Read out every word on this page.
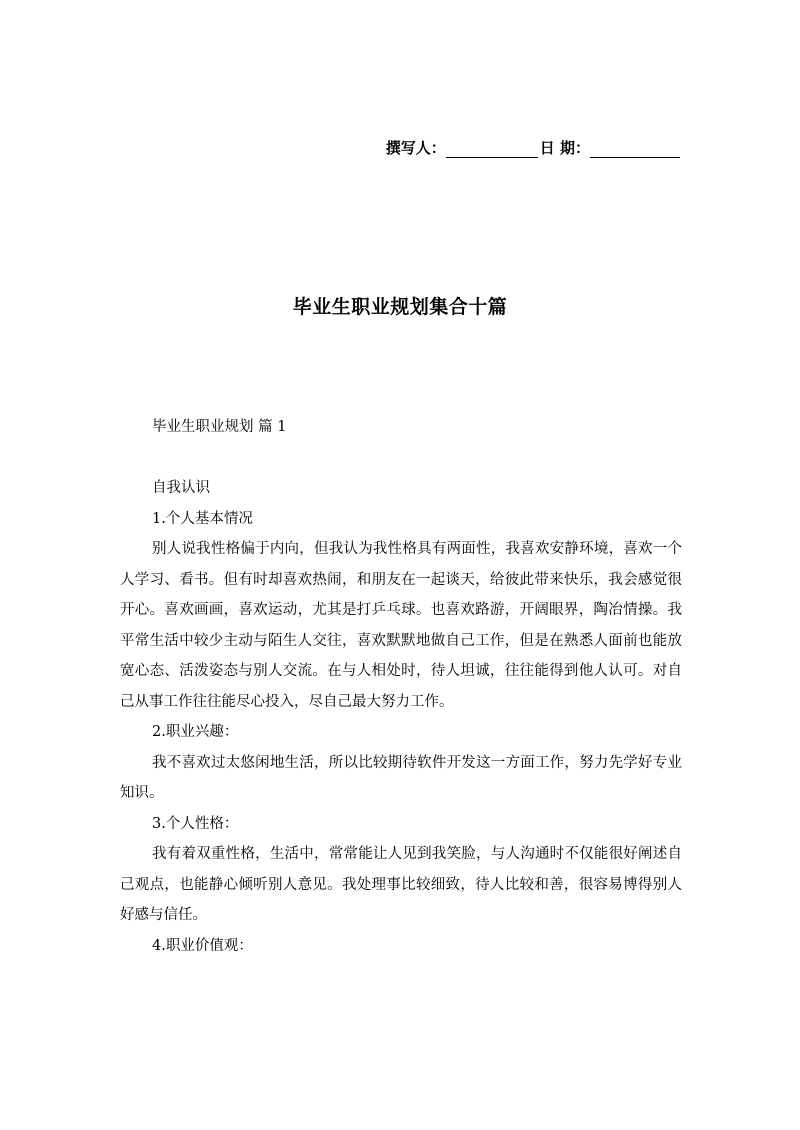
撰写人：	日 期：
毕业生职业规划集合十篇

毕业生职业规划 篇 1

自我认识

1.个人基本情况

别人说我性格偏于内向，但我认为我性格具有两面性，我喜欢安静环境，喜欢一个人学习、看书。但有时却喜欢热闹，和朋友在一起谈天，给彼此带来快乐，我会感觉很开心。喜欢画画，喜欢运动，尤其是打乒乓球。也喜欢路游，开阔眼界，陶冶情操。我平常生活中较少主动与陌生人交往，喜欢默默地做自己工作，但是在熟悉人面前也能放宽心态、活泼姿态与别人交流。在与人相处时，待人坦诚，往往能得到他人认可。对自己从事工作往往能尽心投入，尽自己最大努力工作。

2.职业兴趣：

我不喜欢过太悠闲地生活，所以比较期待软件开发这一方面工作，努力先学好专业知识。

3.个人性格：

我有着双重性格，生活中，常常能让人见到我笑脸，与人沟通时不仅能很好阐述自己观点，也能静心倾听别人意见。我处理事比较细致，待人比较和善，很容易博得别人好感与信任。

4.职业价值观：
